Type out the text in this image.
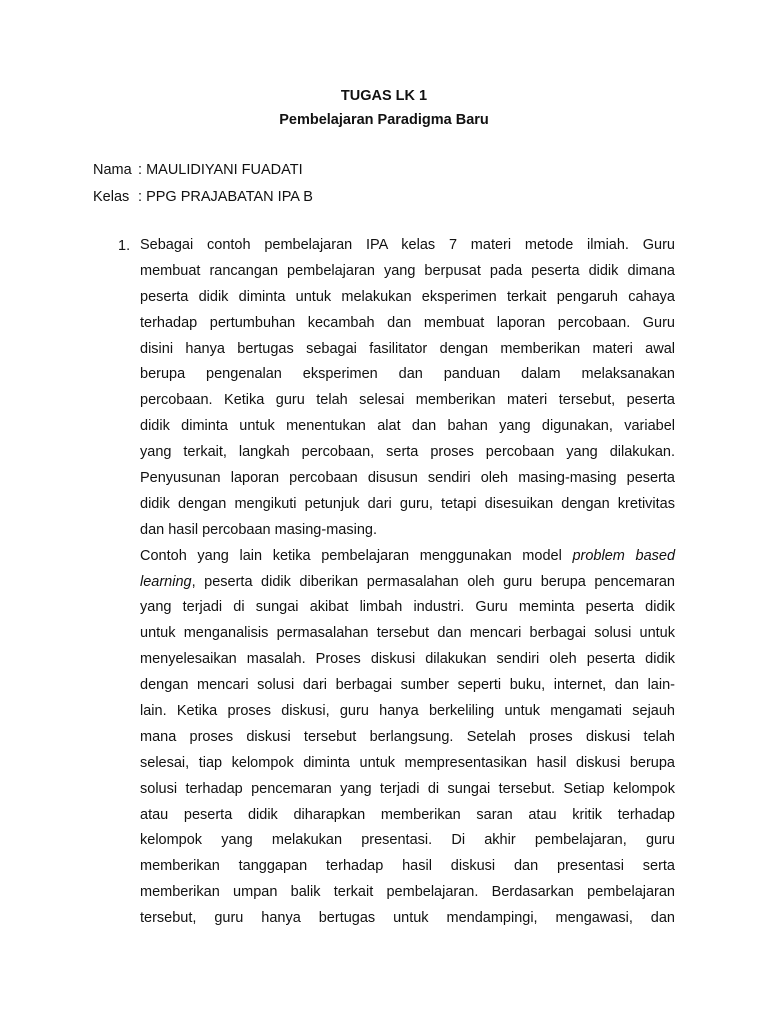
TUGAS LK 1
Pembelajaran Paradigma Baru
Nama : MAULIDIYANI FUADATI
Kelas : PPG PRAJABATAN IPA B
1. Sebagai contoh pembelajaran IPA kelas 7 materi metode ilmiah. Guru
membuat rancangan pembelajaran yang berpusat pada peserta didik dimana
peserta didik diminta untuk melakukan eksperimen terkait pengaruh cahaya
terhadap pertumbuhan kecambah dan membuat laporan percobaan. Guru
disini hanya bertugas sebagai fasilitator dengan memberikan materi awal
berupa pengenalan eksperimen dan panduan dalam melaksanakan
percobaan. Ketika guru telah selesai memberikan materi tersebut, peserta
didik diminta untuk menentukan alat dan bahan yang digunakan, variabel
yang terkait, langkah percobaan, serta proses percobaan yang dilakukan.
Penyusunan laporan percobaan disusun sendiri oleh masing-masing peserta
didik dengan mengikuti petunjuk dari guru, tetapi disesuikan dengan kretivitas
dan hasil percobaan masing-masing.
Contoh yang lain ketika pembelajaran menggunakan model problem based
learning, peserta didik diberikan permasalahan oleh guru berupa pencemaran
yang terjadi di sungai akibat limbah industri. Guru meminta peserta didik
untuk menganalisis permasalahan tersebut dan mencari berbagai solusi untuk
menyelesaikan masalah. Proses diskusi dilakukan sendiri oleh peserta didik
dengan mencari solusi dari berbagai sumber seperti buku, internet, dan lain-
lain. Ketika proses diskusi, guru hanya berkeliling untuk mengamati sejauh
mana proses diskusi tersebut berlangsung. Setelah proses diskusi telah
selesai, tiap kelompok diminta untuk mempresentasikan hasil diskusi berupa
solusi terhadap pencemaran yang terjadi di sungai tersebut. Setiap kelompok
atau peserta didik diharapkan memberikan saran atau kritik terhadap
kelompok yang melakukan presentasi. Di akhir pembelajaran, guru
memberikan tanggapan terhadap hasil diskusi dan presentasi serta
memberikan umpan balik terkait pembelajaran. Berdasarkan pembelajaran
tersebut, guru hanya bertugas untuk mendampingi, mengawasi, dan
